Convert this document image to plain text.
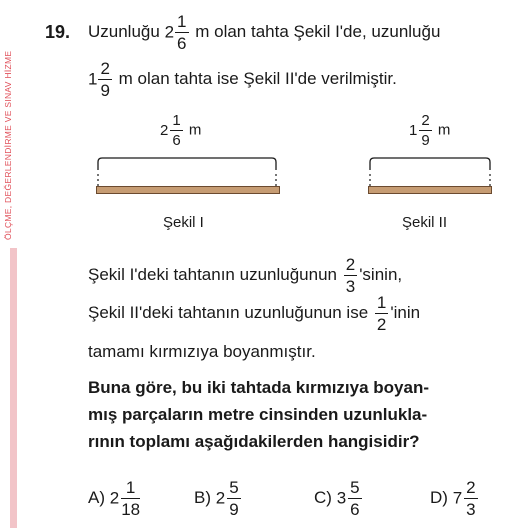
ÖLÇME, DEĞERLENDİRME VE SINAV HİZME
19. Uzunluğu $2 \frac{1}{6}$ m olan tahta Şekil I'de, uzunluğu
$1 \frac{2}{9}$ m olan tahta ise Şekil II'de verilmiştir.
$2 \frac{1}{6}$ m
Şekil I
$1 \frac{2}{9}$ m
Şekil II
Şekil I'deki tahtanın uzunluğunun $\frac{2}{3}$ 'sinin,
Şekil II'deki tahtanın uzunluğunun ise $\frac{1}{2}$ 'inin
tamamı kırmızıya boyanmıştır.
Buna göre, bu iki tahtada kırmızıya boyan-
mış parçaların metre cinsinden uzunlukla-
rının toplamı aşağıdakilerden hangisidir?
A) $2 \frac{1}{18}$	B) $2 \frac{5}{9}$	C) $3 \frac{5}{6}$	D) $7 \frac{2}{3}$
